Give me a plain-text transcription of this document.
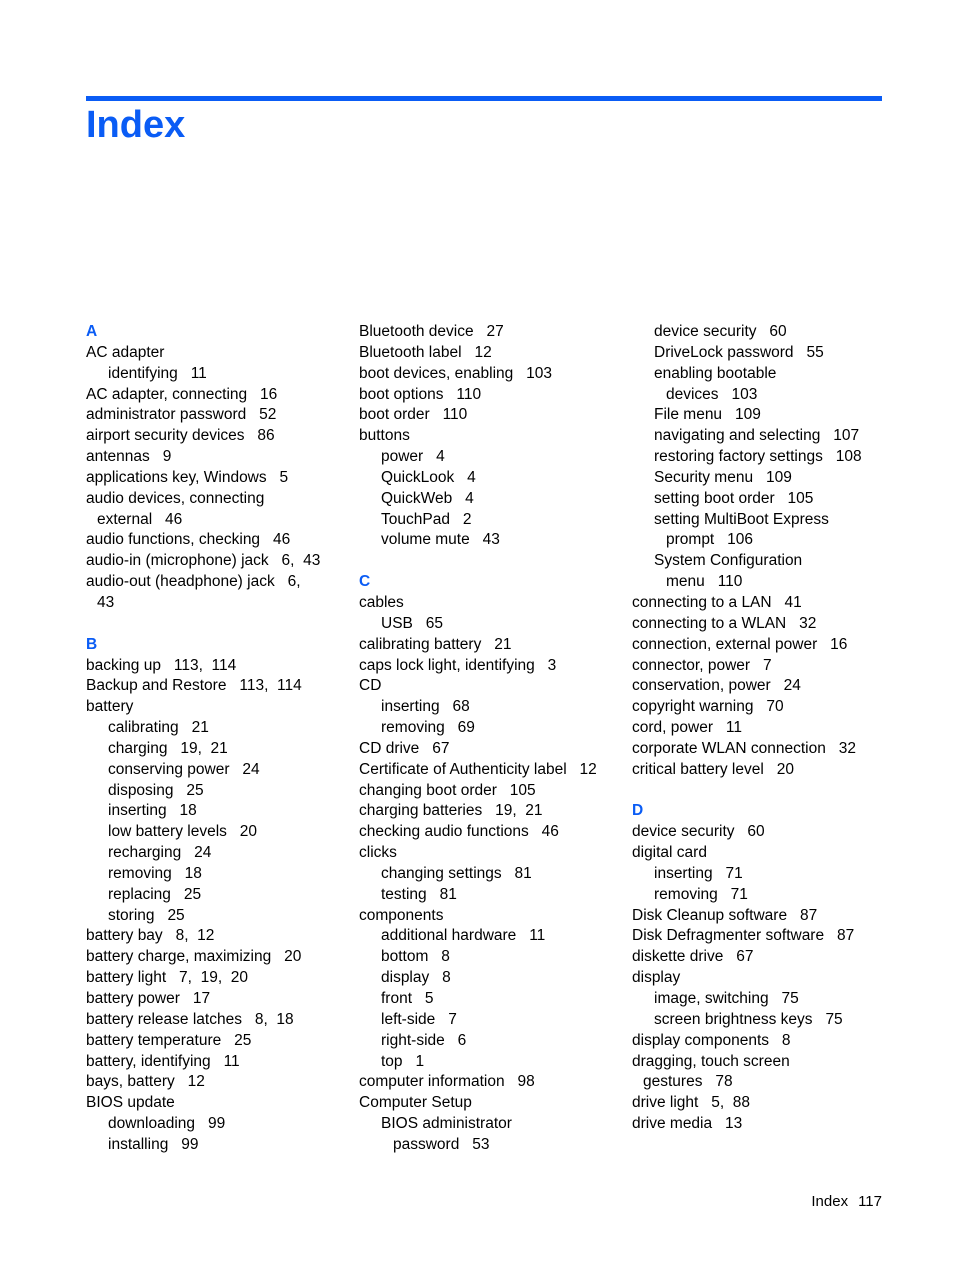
Index
A
AC adapter
identifying   11
AC adapter, connecting   16
administrator password   52
airport security devices   86
antennas   9
applications key, Windows   5
audio devices, connecting
external   46
audio functions, checking   46
audio-in (microphone) jack   6,  43
audio-out (headphone) jack   6,
43
B
backing up   113,  114
Backup and Restore   113,  114
battery
calibrating   21
charging   19,  21
conserving power   24
disposing   25
inserting   18
low battery levels   20
recharging   24
removing   18
replacing   25
storing   25
battery bay   8,  12
battery charge, maximizing   20
battery light   7,  19,  20
battery power   17
battery release latches   8,  18
battery temperature   25
battery, identifying   11
bays, battery   12
BIOS update
downloading   99
installing   99
Bluetooth device   27
Bluetooth label   12
boot devices, enabling   103
boot options   110
boot order   110
buttons
power   4
QuickLook   4
QuickWeb   4
TouchPad   2
volume mute   43
C
cables
USB   65
calibrating battery   21
caps lock light, identifying   3
CD
inserting   68
removing   69
CD drive   67
Certificate of Authenticity label   12
changing boot order   105
charging batteries   19,  21
checking audio functions   46
clicks
changing settings   81
testing   81
components
additional hardware   11
bottom   8
display   8
front   5
left-side   7
right-side   6
top   1
computer information   98
Computer Setup
BIOS administrator
password   53
device security   60
DriveLock password   55
enabling bootable
devices   103
File menu   109
navigating and selecting   107
restoring factory settings   108
Security menu   109
setting boot order   105
setting MultiBoot Express
prompt   106
System Configuration
menu   110
connecting to a LAN   41
connecting to a WLAN   32
connection, external power   16
connector, power   7
conservation, power   24
copyright warning   70
cord, power   11
corporate WLAN connection   32
critical battery level   20
D
device security   60
digital card
inserting   71
removing   71
Disk Cleanup software   87
Disk Defragmenter software   87
diskette drive   67
display
image, switching   75
screen brightness keys   75
display components   8
dragging, touch screen
gestures   78
drive light   5,  88
drive media   13
Index 117
